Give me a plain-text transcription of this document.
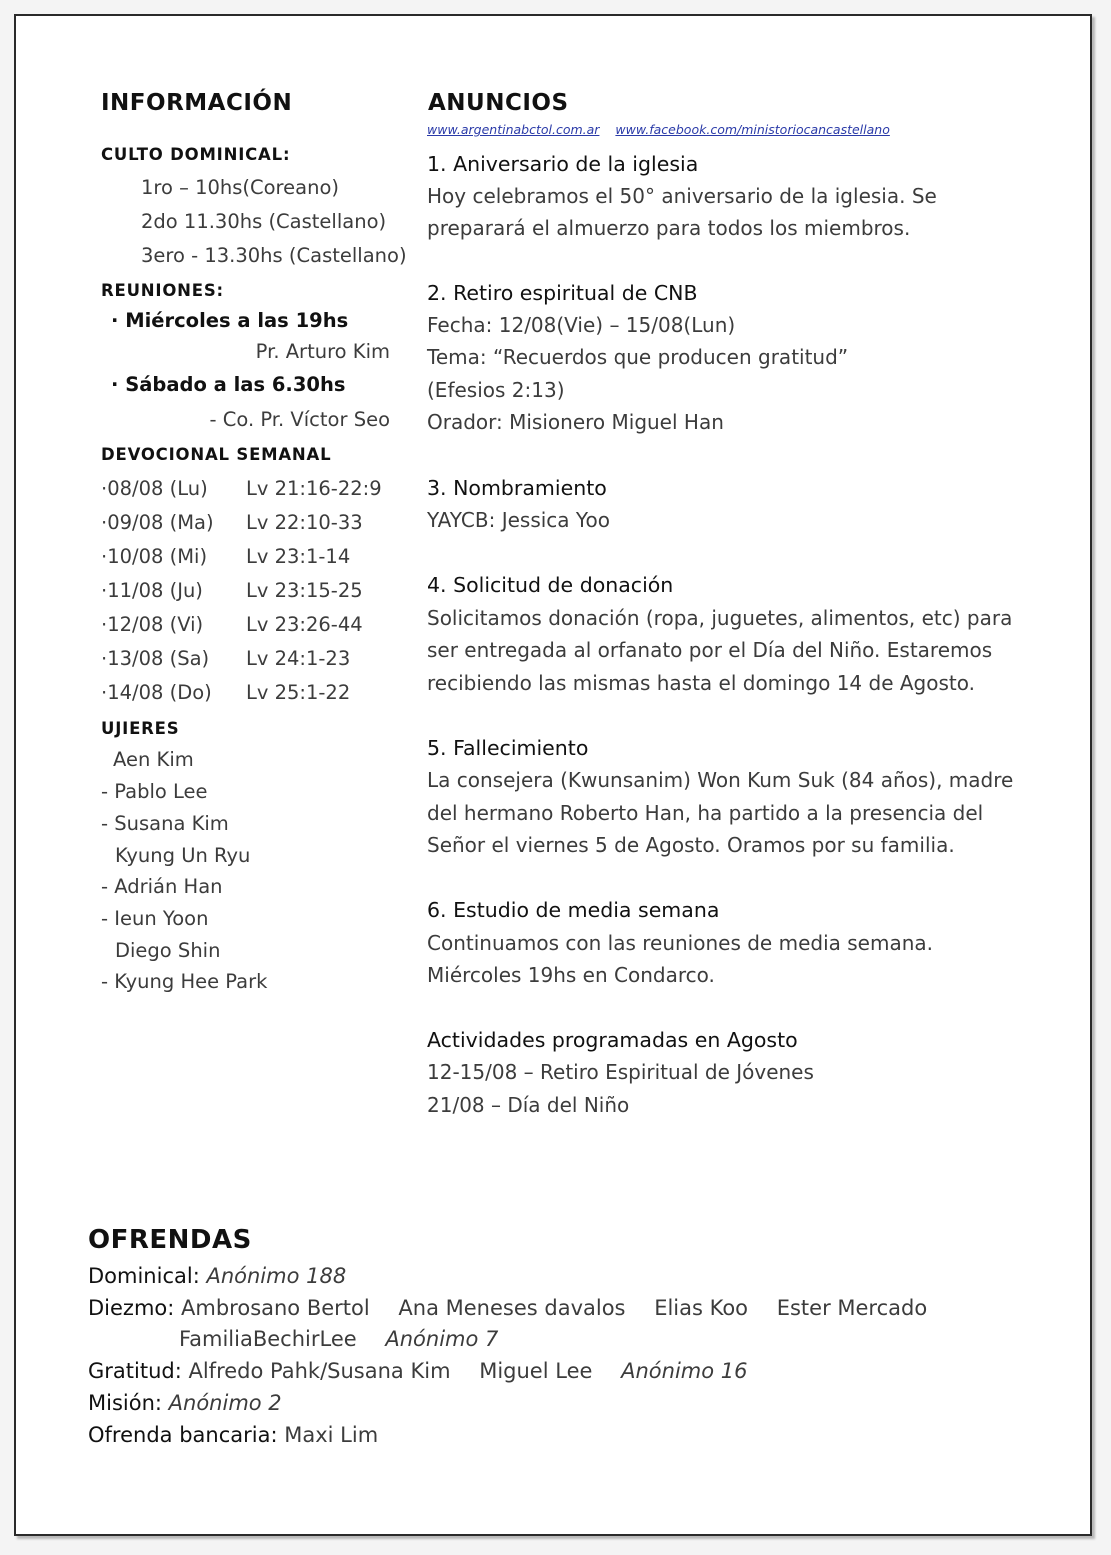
INFORMACIÓN
CULTO DOMINICAL:
1ro – 10hs(Coreano)
2do 11.30hs (Castellano)
3ero - 13.30hs (Castellano)
REUNIONES:
· Miércoles a las 19hs
Pr. Arturo Kim
· Sábado a las 6.30hs
- Co. Pr. Víctor Seo
DEVOCIONAL SEMANAL
·08/08 (Lu) Lv 21:16-22:9
·09/08 (Ma) Lv 22:10-33
·10/08 (Mi) Lv 23:1-14
·11/08 (Ju) Lv 23:15-25
·12/08 (Vi) Lv 23:26-44
·13/08 (Sa) Lv 24:1-23
·14/08 (Do) Lv 25:1-22
UJIERES
Aen Kim
- Pablo Lee
- Susana Kim
Kyung Un Ryu
- Adrián Han
- Ieun Yoon
Diego Shin
- Kyung Hee Park
ANUNCIOS
www.argentinabctol.com.ar www.facebook.com/ministoriocancastellano
1. Aniversario de la iglesia
Hoy celebramos el 50° aniversario de la iglesia. Se
preparará el almuerzo para todos los miembros.
2. Retiro espiritual de CNB
Fecha: 12/08(Vie) – 15/08(Lun)
Tema: “Recuerdos que producen gratitud”
(Efesios 2:13)
Orador: Misionero Miguel Han
3. Nombramiento
YAYCB: Jessica Yoo
4. Solicitud de donación
Solicitamos donación (ropa, juguetes, alimentos, etc) para
ser entregada al orfanato por el Día del Niño. Estaremos
recibiendo las mismas hasta el domingo 14 de Agosto.
5. Fallecimiento
La consejera (Kwunsanim) Won Kum Suk (84 años), madre
del hermano Roberto Han, ha partido a la presencia del
Señor el viernes 5 de Agosto. Oramos por su familia.
6. Estudio de media semana
Continuamos con las reuniones de media semana.
Miércoles 19hs en Condarco.
Actividades programadas en Agosto
12-15/08 – Retiro Espiritual de Jóvenes
21/08 – Día del Niño
OFRENDAS
Dominical: Anónimo 188
Diezmo: Ambrosano Bertol Ana Meneses davalos Elias Koo Ester Mercado
FamiliaBechirLee Anónimo 7
Gratitud: Alfredo Pahk/Susana Kim Miguel Lee Anónimo 16
Misión: Anónimo 2
Ofrenda bancaria: Maxi Lim
